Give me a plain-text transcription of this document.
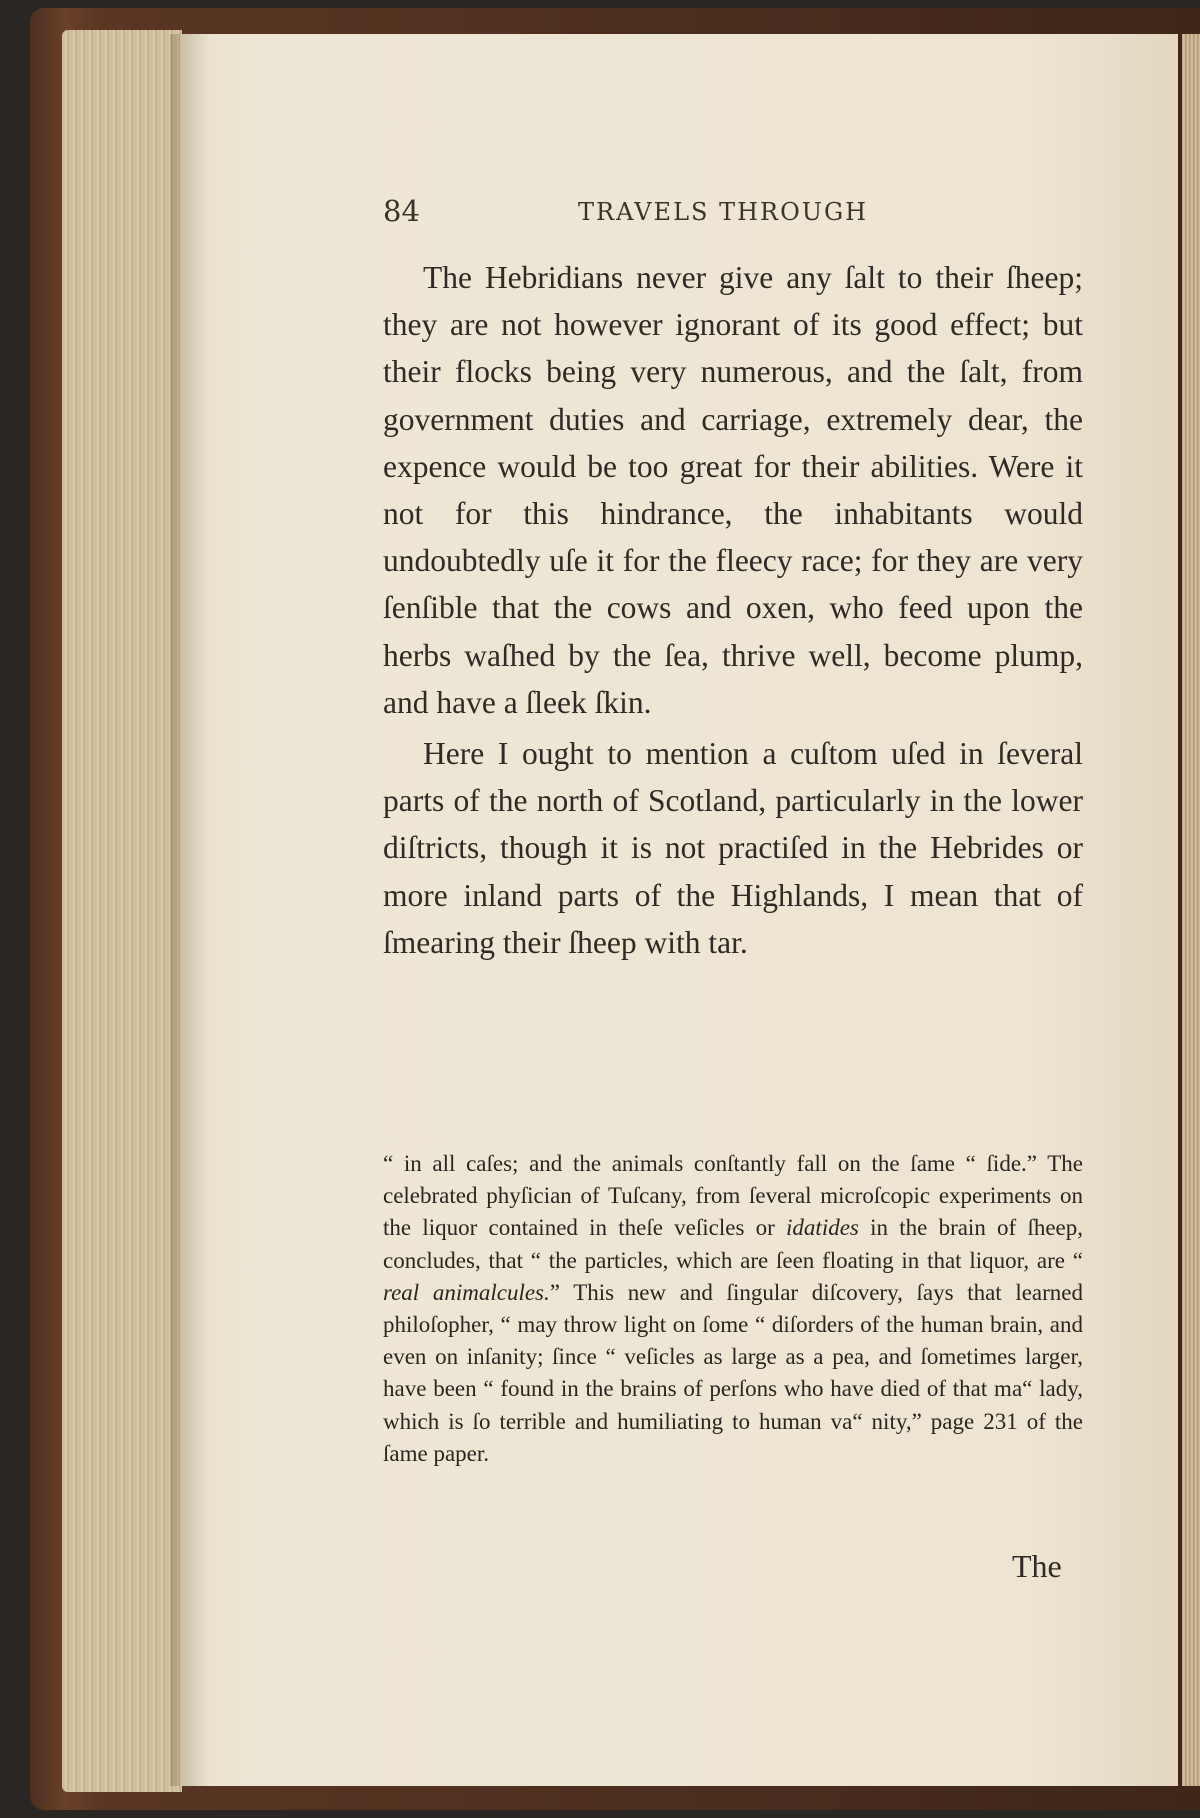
84	TRAVELS THROUGH

The Hebridians never give any ſalt to their ſheep; they are not however ignorant of its good effect; but their flocks being very numerous, and the ſalt, from government duties and carriage, extremely dear, the expence would be too great for their abilities. Were it not for this hindrance, the inhabitants would undoubtedly uſe it for the fleecy race; for they are very ſenſible that the cows and oxen, who feed upon the herbs waſhed by the ſea, thrive well, become plump, and have a ſleek ſkin.

Here I ought to mention a cuſtom uſed in ſeveral parts of the north of Scotland, particularly in the lower diſtricts, though it is not practiſed in the Hebrides or more inland parts of the Highlands, I mean that of ſmearing their ſheep with tar.

“ in all caſes; and the animals conſtantly fall on the ſame “ ſide.” The celebrated phyſician of Tuſcany, from ſeveral microſcopic experiments on the liquor contained in theſe veſicles or idatides in the brain of ſheep, concludes, that “ the particles, which are ſeen floating in that liquor, are “ real animalcules.” This new and ſingular diſcovery, ſays that learned philoſopher, “ may throw light on ſome “ diſorders of the human brain, and even on inſanity; ſince “ veſicles as large as a pea, and ſometimes larger, have been “ found in the brains of perſons who have died of that ma“ lady, which is ſo terrible and humiliating to human va“ nity,” page 231 of the ſame paper.

The
